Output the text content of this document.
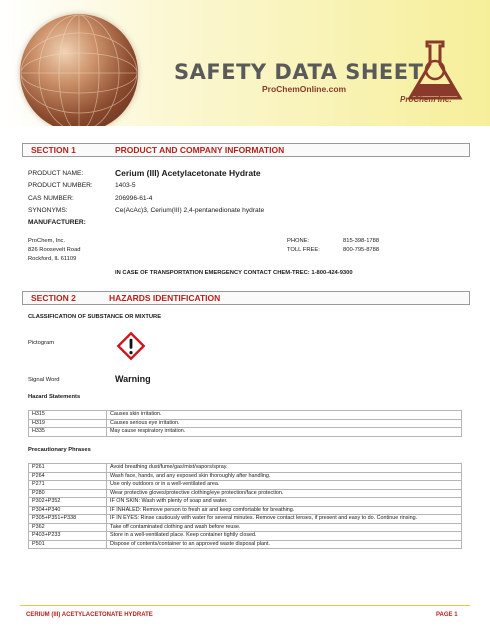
SAFETY DATA SHEET
ProChemOnline.com
ProChem inc.
SECTION 1	PRODUCT AND COMPANY INFORMATION
PRODUCT NAME:	Cerium (III) Acetylacetonate Hydrate
PRODUCT NUMBER:	1403-5
CAS NUMBER:	206996-61-4
SYNONYMS:	Ce(AcAc)3, Cerium(III) 2,4-pentanedionate hydrate
MANUFACTURER:
ProChem, Inc.
826 Roosevelt Road
Rockford, IL 61109
PHONE:	815-398-1788
TOLL FREE:	800-795-8788
IN CASE OF TRANSPORTATION EMERGENCY CONTACT CHEM-TREC: 1-800-424-9300
SECTION 2	HAZARDS IDENTIFICATION
CLASSIFICATION OF SUBSTANCE OR MIXTURE
Pictogram
Signal Word	Warning
Hazard Statements
H315	Causes skin irritation.
H319	Causes serious eye irritation.
H335	May cause respiratory irritation.
Precautionary Phrases
P261	Avoid breathing dust/fume/gas/mist/vapors/spray.
P264	Wash face, hands, and any exposed skin thoroughly after handling.
P271	Use only outdoors or in a well-ventilated area.
P280	Wear protective gloves/protective clothing/eye protection/face protection.
P302+P352	IF ON SKIN: Wash with plenty of soap and water.
P304+P340	IF INHALED: Remove person to fresh air and keep comfortable for breathing.
P305+P351+P338	IF IN EYES: Rinse cautiously with water for several minutes. Remove contact lenses, if present and easy to do. Continue rinsing.
P362	Take off contaminated clothing and wash before reuse.
P403+P233	Store in a well-ventilated place. Keep container tightly closed.
P501	Dispose of contents/container to an approved waste disposal plant.
CERIUM (III) ACETYLACETONATE HYDRATE	PAGE 1
